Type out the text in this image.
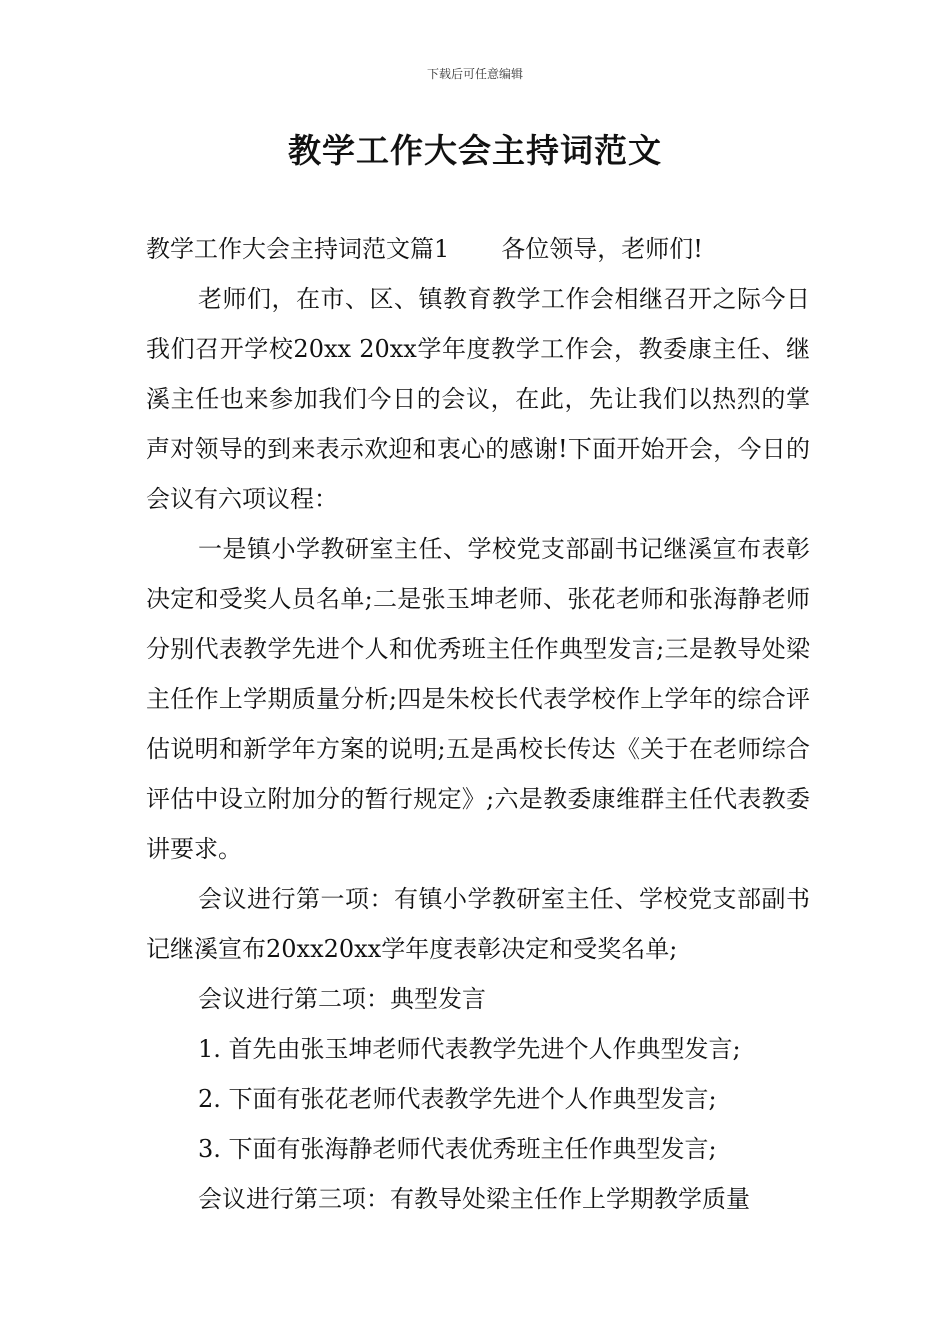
下载后可任意编辑
教学工作大会主持词范文

教学工作大会主持词范文篇1 各位领导，老师们!

老师们，在市、区、镇教育教学工作会相继召开之际今日我们召开学校20xx 20xx学年度教学工作会，教委康主任、继溪主任也来参加我们今日的会议，在此，先让我们以热烈的掌声对领导的到来表示欢迎和衷心的感谢!下面开始开会，今日的会议有六项议程：

一是镇小学教研室主任、学校党支部副书记继溪宣布表彰决定和受奖人员名单;二是张玉坤老师、张花老师和张海静老师分别代表教学先进个人和优秀班主任作典型发言;三是教导处梁主任作上学期质量分析;四是朱校长代表学校作上学年的综合评估说明和新学年方案的说明;五是禹校长传达《关于在老师综合评估中设立附加分的暂行规定》;六是教委康维群主任代表教委讲要求。

会议进行第一项：有镇小学教研室主任、学校党支部副书记继溪宣布20xx20xx学年度表彰决定和受奖名单;

会议进行第二项：典型发言

1. 首先由张玉坤老师代表教学先进个人作典型发言;

2. 下面有张花老师代表教学先进个人作典型发言;

3. 下面有张海静老师代表优秀班主任作典型发言;

会议进行第三项：有教导处梁主任作上学期教学质量
